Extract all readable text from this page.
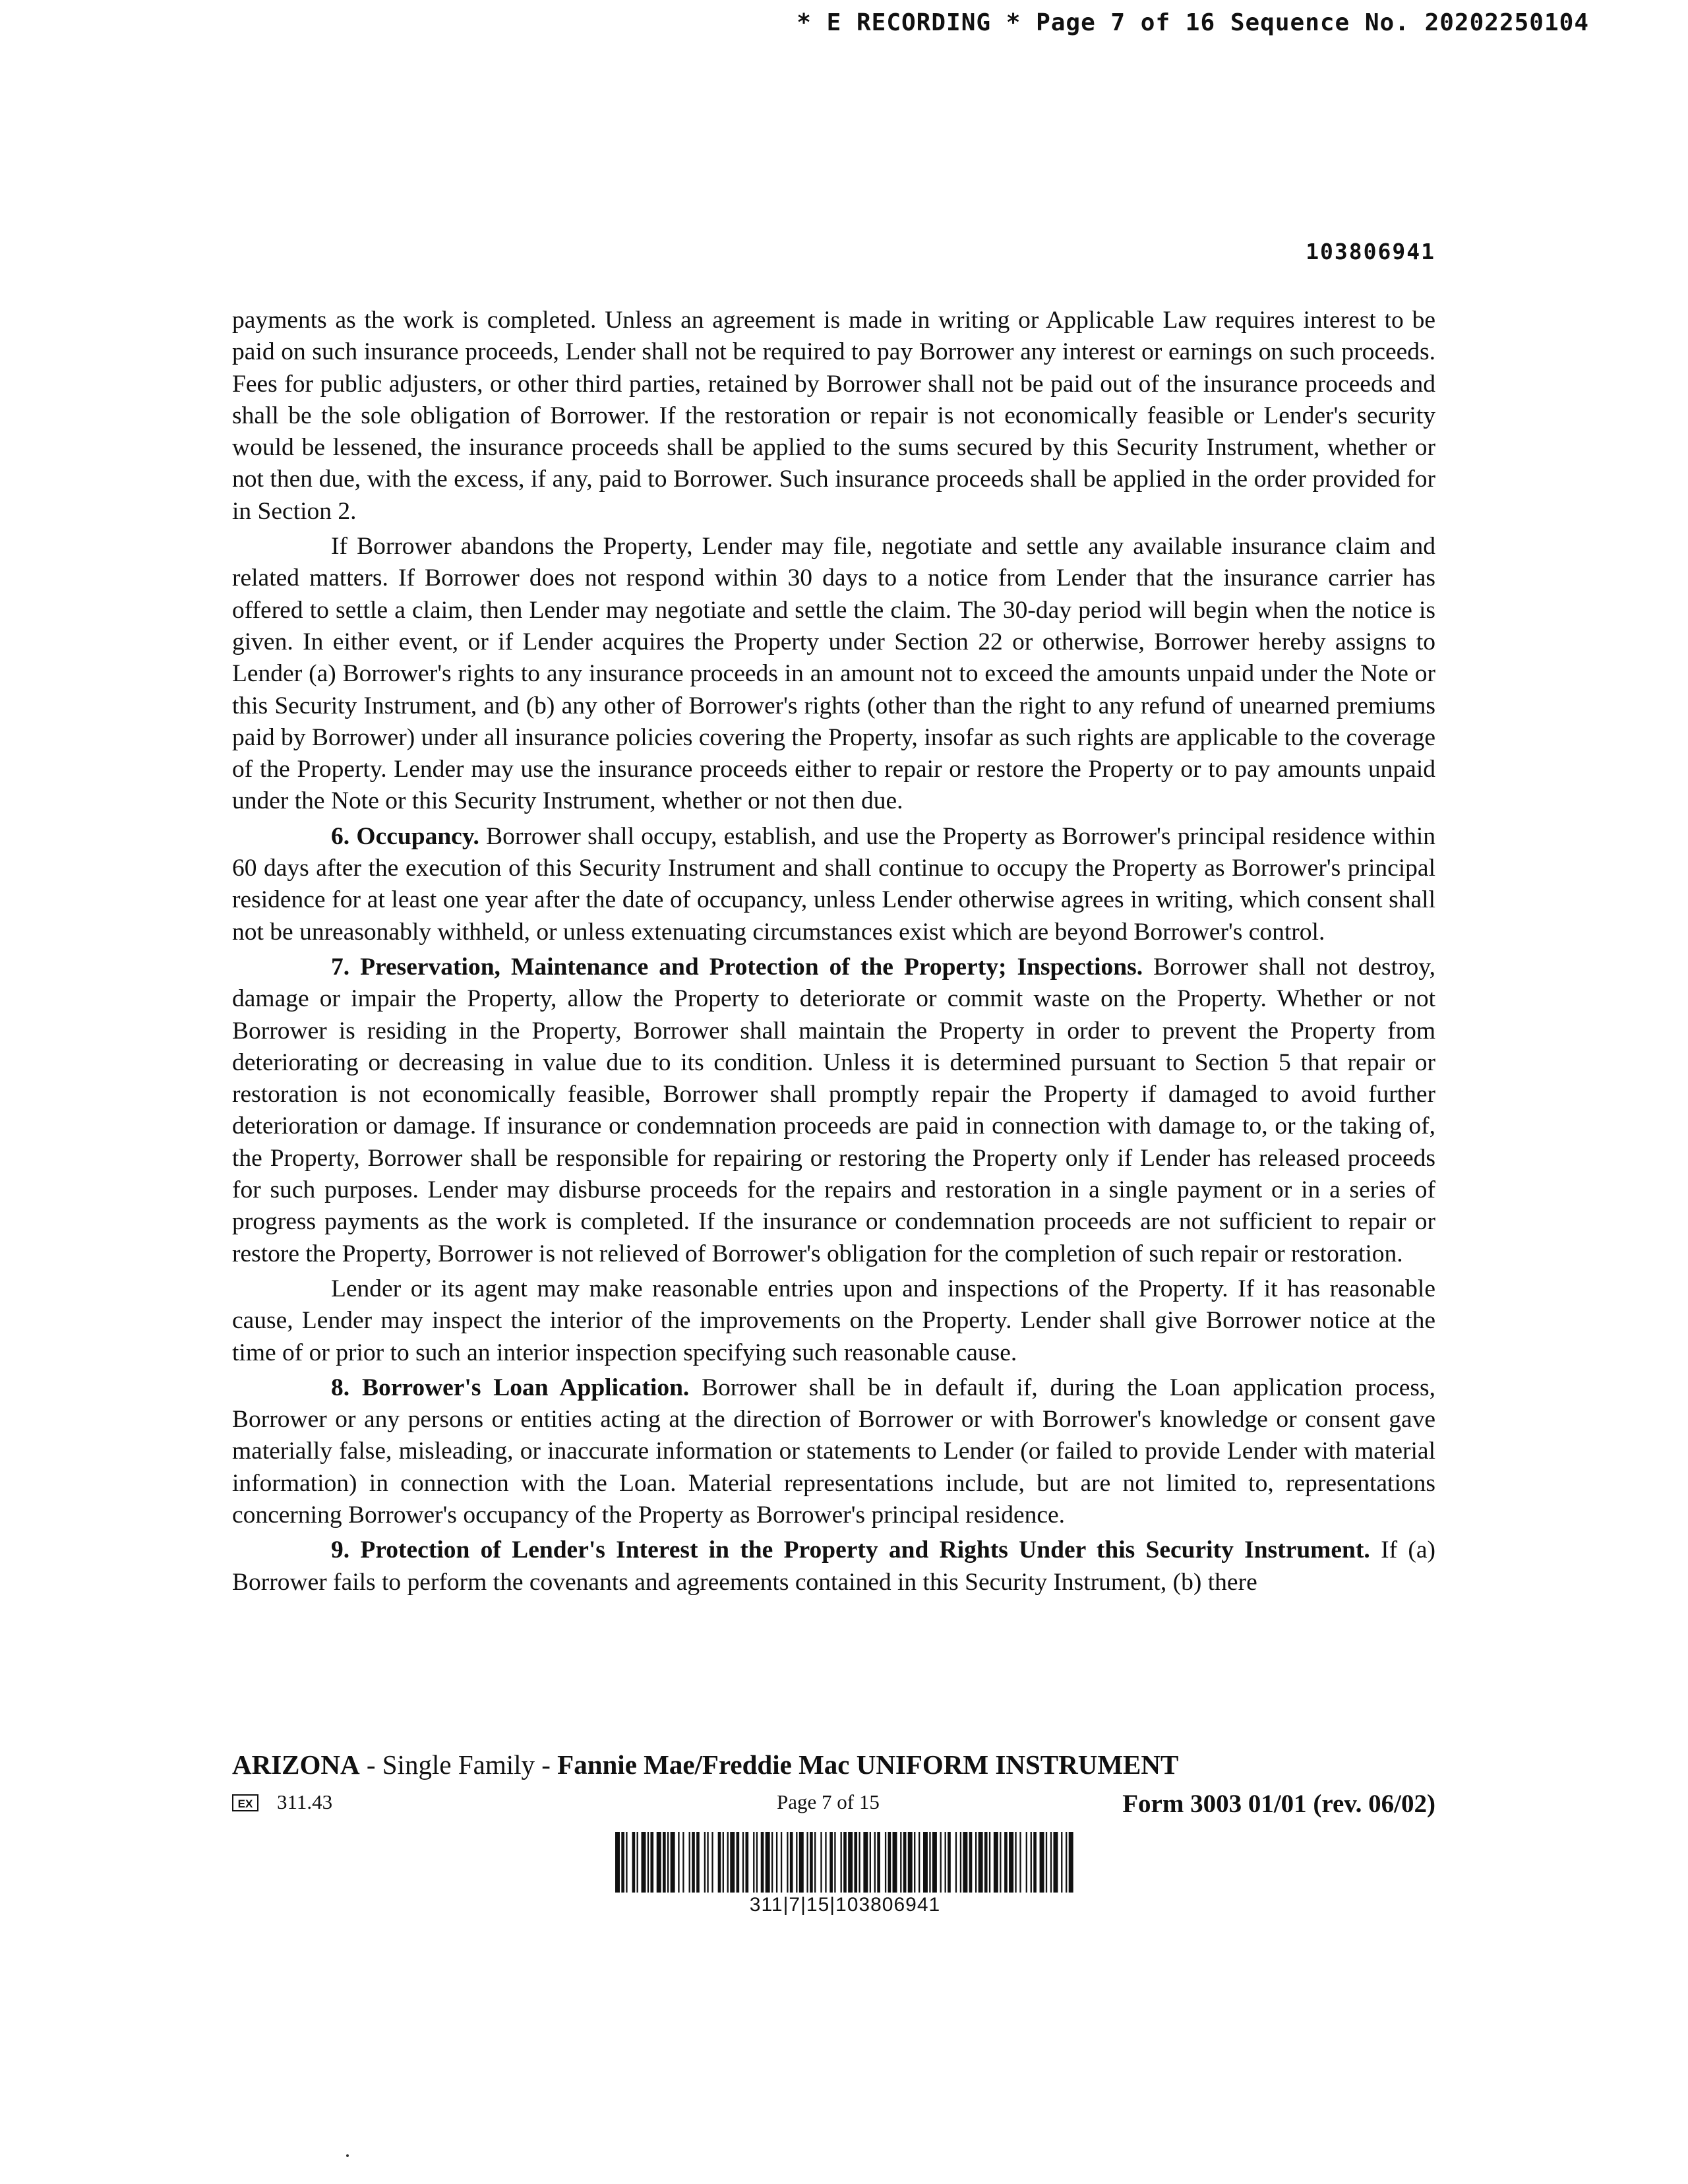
* E RECORDING * Page 7 of 16 Sequence No. 20202250104
103806941

payments as the work is completed. Unless an agreement is made in writing or Applicable Law requires interest to be paid on such insurance proceeds, Lender shall not be required to pay Borrower any interest or earnings on such proceeds. Fees for public adjusters, or other third parties, retained by Borrower shall not be paid out of the insurance proceeds and shall be the sole obligation of Borrower. If the restoration or repair is not economically feasible or Lender's security would be lessened, the insurance proceeds shall be applied to the sums secured by this Security Instrument, whether or not then due, with the excess, if any, paid to Borrower. Such insurance proceeds shall be applied in the order provided for in Section 2.

If Borrower abandons the Property, Lender may file, negotiate and settle any available insurance claim and related matters. If Borrower does not respond within 30 days to a notice from Lender that the insurance carrier has offered to settle a claim, then Lender may negotiate and settle the claim. The 30-day period will begin when the notice is given. In either event, or if Lender acquires the Property under Section 22 or otherwise, Borrower hereby assigns to Lender (a) Borrower's rights to any insurance proceeds in an amount not to exceed the amounts unpaid under the Note or this Security Instrument, and (b) any other of Borrower's rights (other than the right to any refund of unearned premiums paid by Borrower) under all insurance policies covering the Property, insofar as such rights are applicable to the coverage of the Property. Lender may use the insurance proceeds either to repair or restore the Property or to pay amounts unpaid under the Note or this Security Instrument, whether or not then due.

6. Occupancy. Borrower shall occupy, establish, and use the Property as Borrower's principal residence within 60 days after the execution of this Security Instrument and shall continue to occupy the Property as Borrower's principal residence for at least one year after the date of occupancy, unless Lender otherwise agrees in writing, which consent shall not be unreasonably withheld, or unless extenuating circumstances exist which are beyond Borrower's control.

7. Preservation, Maintenance and Protection of the Property; Inspections. Borrower shall not destroy, damage or impair the Property, allow the Property to deteriorate or commit waste on the Property. Whether or not Borrower is residing in the Property, Borrower shall maintain the Property in order to prevent the Property from deteriorating or decreasing in value due to its condition. Unless it is determined pursuant to Section 5 that repair or restoration is not economically feasible, Borrower shall promptly repair the Property if damaged to avoid further deterioration or damage. If insurance or condemnation proceeds are paid in connection with damage to, or the taking of, the Property, Borrower shall be responsible for repairing or restoring the Property only if Lender has released proceeds for such purposes. Lender may disburse proceeds for the repairs and restoration in a single payment or in a series of progress payments as the work is completed. If the insurance or condemnation proceeds are not sufficient to repair or restore the Property, Borrower is not relieved of Borrower's obligation for the completion of such repair or restoration.

Lender or its agent may make reasonable entries upon and inspections of the Property. If it has reasonable cause, Lender may inspect the interior of the improvements on the Property. Lender shall give Borrower notice at the time of or prior to such an interior inspection specifying such reasonable cause.

8. Borrower's Loan Application. Borrower shall be in default if, during the Loan application process, Borrower or any persons or entities acting at the direction of Borrower or with Borrower's knowledge or consent gave materially false, misleading, or inaccurate information or statements to Lender (or failed to provide Lender with material information) in connection with the Loan. Material representations include, but are not limited to, representations concerning Borrower's occupancy of the Property as Borrower's principal residence.

9. Protection of Lender's Interest in the Property and Rights Under this Security Instrument. If (a) Borrower fails to perform the covenants and agreements contained in this Security Instrument, (b) there

ARIZONA - Single Family - Fannie Mae/Freddie Mac UNIFORM INSTRUMENT
EX 311.43	Page 7 of 15	Form 3003 01/01 (rev. 06/02)
311|7|15|103806941
